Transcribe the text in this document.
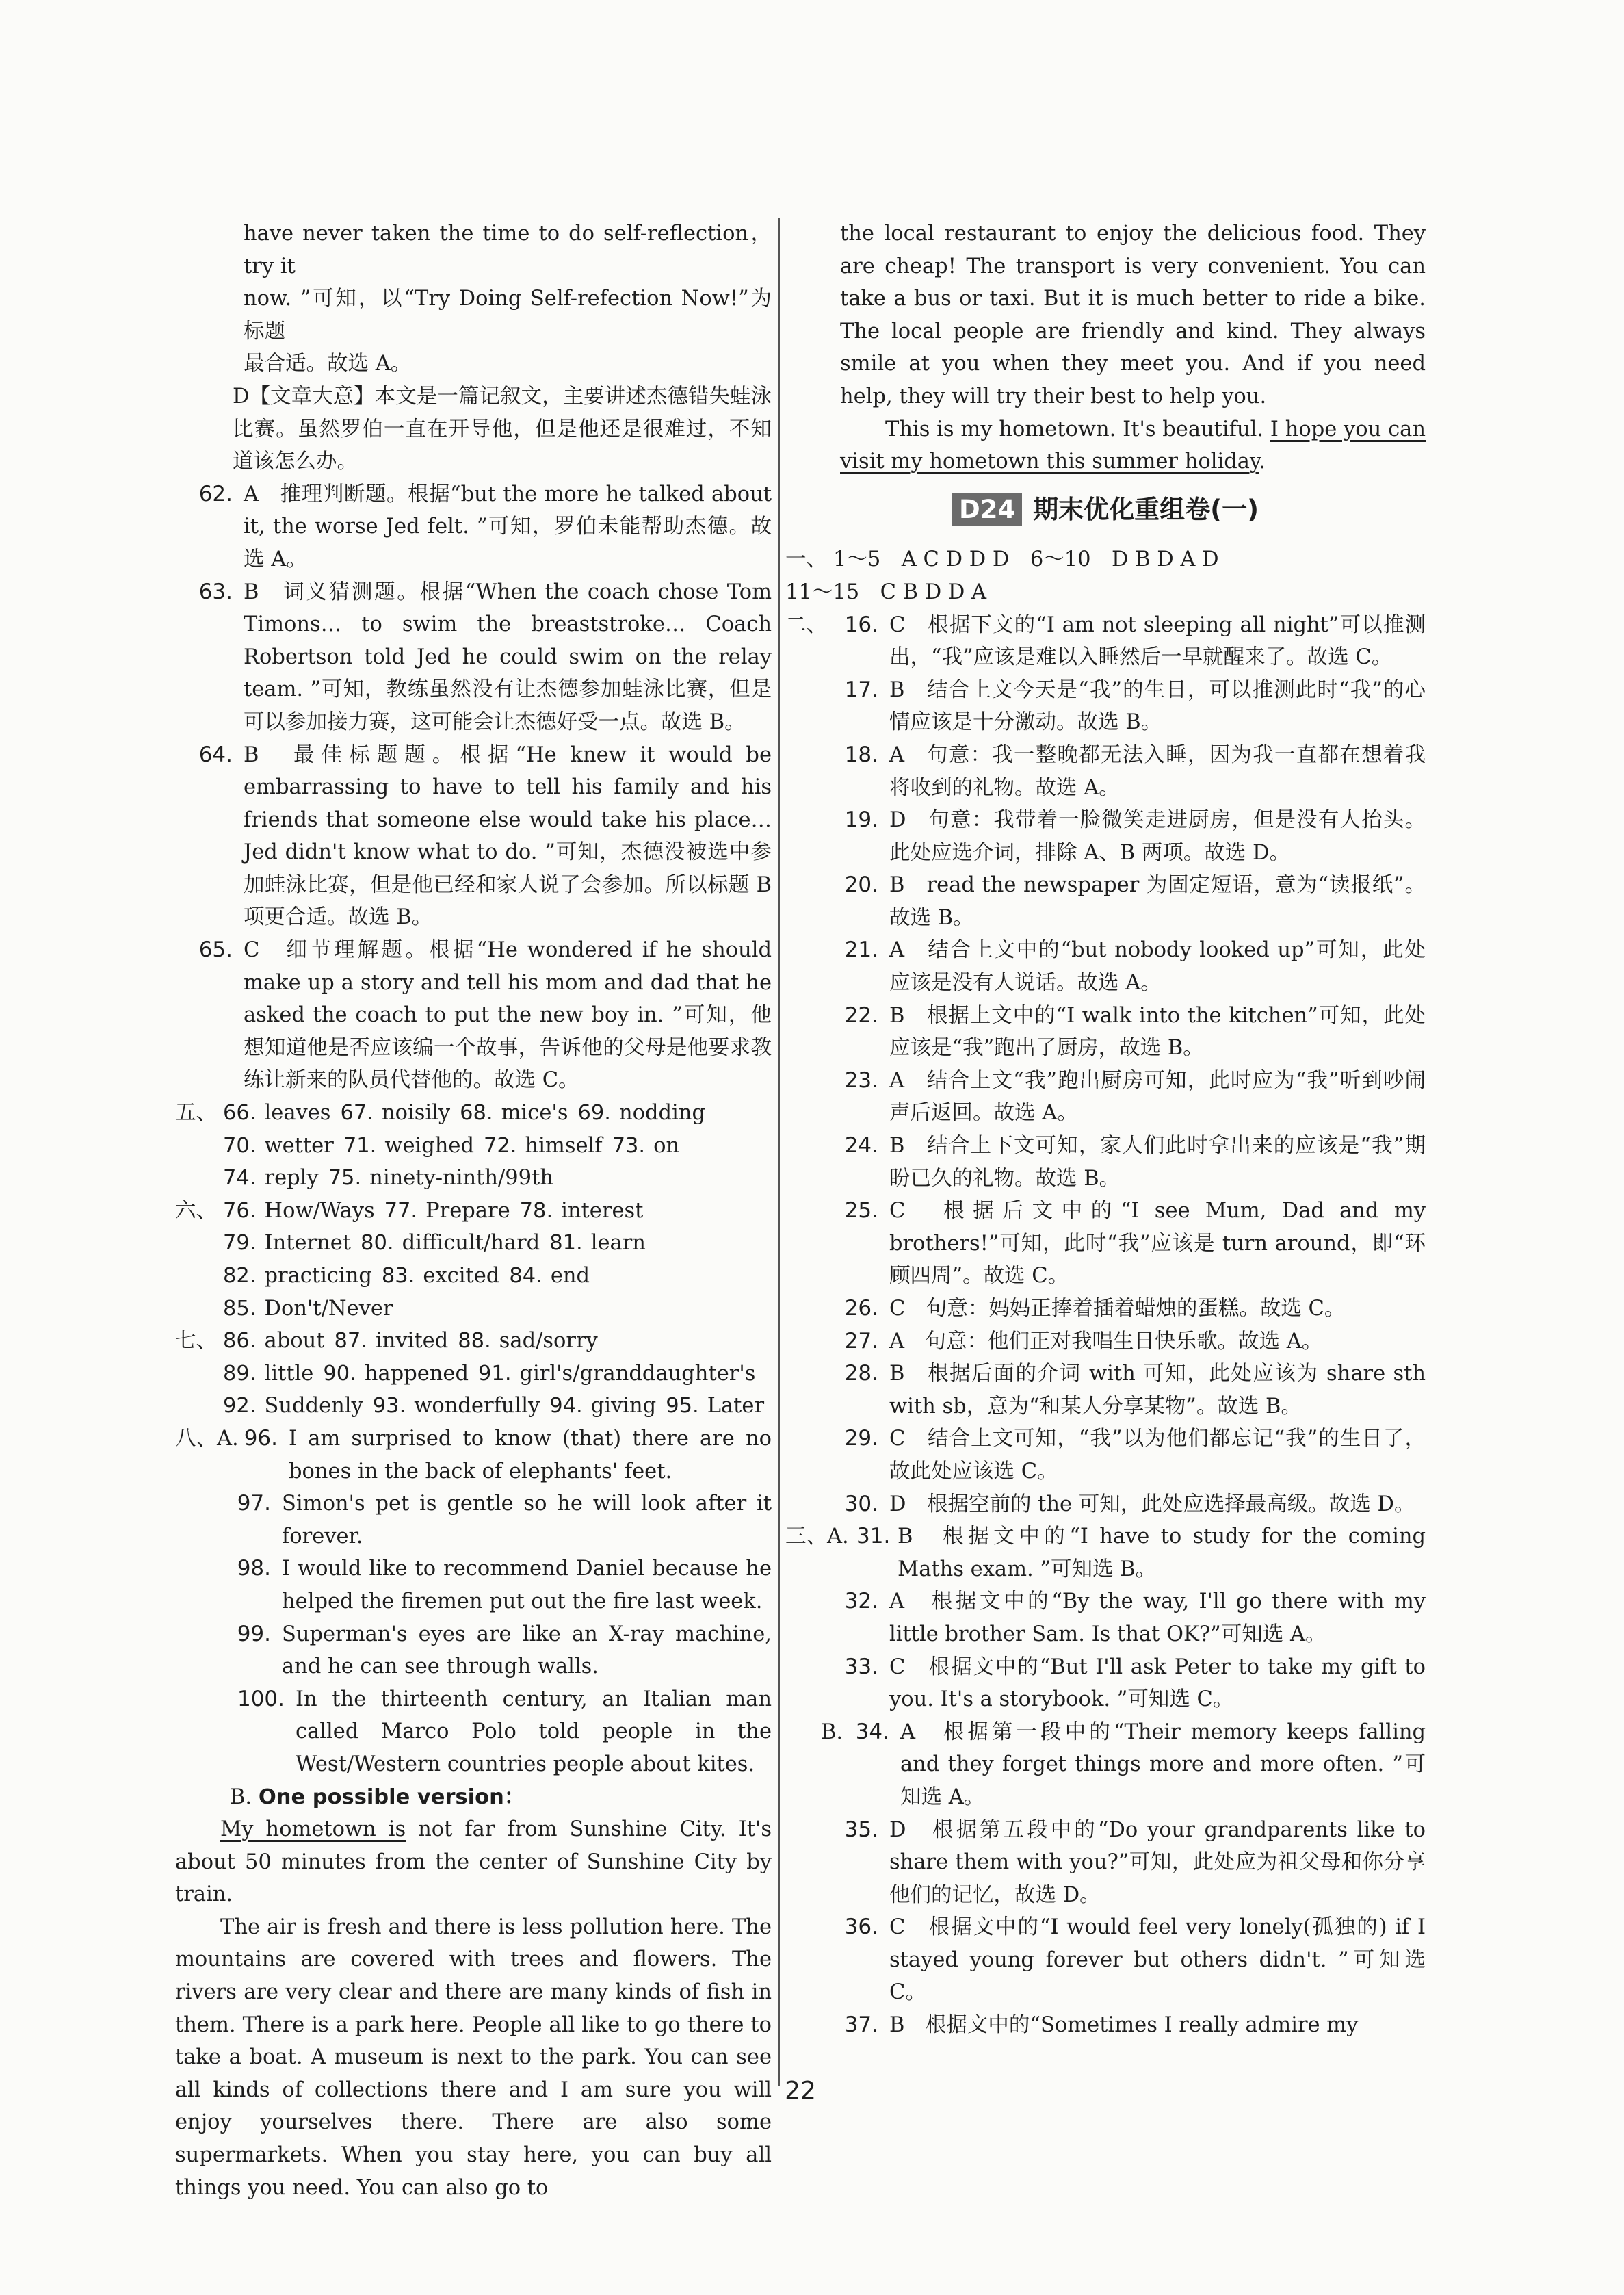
have never taken the time to do self-reflection，try it
now. ”可知，以“Try Doing Self-refection Now!”为标题
最合适。故选 A。
D【文章大意】本文是一篇记叙文，主要讲述杰德错失蛙泳比赛。虽然罗伯一直在开导他，但是他还是很难过，不知道该怎么办。
62. A　推理判断题。根据“but the more he talked about it, the worse Jed felt. ”可知，罗伯未能帮助杰德。故选 A。
63. B　词义猜测题。根据“When the coach chose Tom Timons… to swim the breaststroke… Coach Robertson told Jed he could swim on the relay team. ”可知，教练虽然没有让杰德参加蛙泳比赛，但是可以参加接力赛，这可能会让杰德好受一点。故选 B。
64. B　最佳标题题。根据“He knew it would be embarrassing to have to tell his family and his friends that someone else would take his place… Jed didn't know what to do. ”可知，杰德没被选中参加蛙泳比赛，但是他已经和家人说了会参加。所以标题 B 项更合适。故选 B。
65. C　细节理解题。根据“He wondered if he should make up a story and tell his mom and dad that he asked the coach to put the new boy in. ”可知，他想知道他是否应该编一个故事，告诉他的父母是他要求教练让新来的队员代替他的。故选 C。
五、 66. leaves 67. noisily 68. mice's 69. nodding
70. wetter 71. weighed 72. himself 73. on
74. reply 75. ninety-ninth/99th
六、 76. How/Ways 77. Prepare 78. interest
79. Internet 80. difficult/hard 81. learn
82. practicing 83. excited 84. end
85. Don't/Never
七、 86. about 87. invited 88. sad/sorry
89. little 90. happened 91. girl's/granddaughter's
92. Suddenly 93. wonderfully 94. giving 95. Later
八、A. 96. I am surprised to know (that) there are no bones in the back of elephants' feet.
97. Simon's pet is gentle so he will look after it forever.
98. I would like to recommend Daniel because he helped the firemen put out the fire last week.
99. Superman's eyes are like an X-ray machine, and he can see through walls.
100. In the thirteenth century, an Italian man called Marco Polo told people in the West/Western countries people about kites.
B. One possible version：
My hometown is not far from Sunshine City. It's about 50 minutes from the center of Sunshine City by train.
The air is fresh and there is less pollution here. The mountains are covered with trees and flowers. The rivers are very clear and there are many kinds of fish in them. There is a park here. People all like to go there to take a boat. A museum is next to the park. You can see all kinds of collections there and I am sure you will enjoy yourselves there. There are also some supermarkets. When you stay here, you can buy all things you need. You can also go to
the local restaurant to enjoy the delicious food. They are cheap! The transport is very convenient. You can take a bus or taxi. But it is much better to ride a bike. The local people are friendly and kind. They always smile at you when they meet you. And if you need help, they will try their best to help you.
This is my hometown. It's beautiful. I hope you can visit my hometown this summer holiday.
D24 期末优化重组卷(一)
一、 1～5　A C D D D　6～10　D B D A D
11～15　C B D D A
二、 16. C　根据下文的“I am not sleeping all night”可以推测出，“我”应该是难以入睡然后一早就醒来了。故选 C。
17. B　结合上文今天是“我”的生日，可以推测此时“我”的心情应该是十分激动。故选 B。
18. A　句意：我一整晚都无法入睡，因为我一直都在想着我将收到的礼物。故选 A。
19. D　句意：我带着一脸微笑走进厨房，但是没有人抬头。此处应选介词，排除 A、B 两项。故选 D。
20. B　read the newspaper 为固定短语，意为“读报纸”。故选 B。
21. A　结合上文中的“but nobody looked up”可知，此处应该是没有人说话。故选 A。
22. B　根据上文中的“I walk into the kitchen”可知，此处应该是“我”跑出了厨房，故选 B。
23. A　结合上文“我”跑出厨房可知，此时应为“我”听到吵闹声后返回。故选 A。
24. B　结合上下文可知，家人们此时拿出来的应该是“我”期盼已久的礼物。故选 B。
25. C　根据后文中的“I see Mum, Dad and my brothers!”可知，此时“我”应该是 turn around，即“环顾四周”。故选 C。
26. C　句意：妈妈正捧着插着蜡烛的蛋糕。故选 C。
27. A　句意：他们正对我唱生日快乐歌。故选 A。
28. B　根据后面的介词 with 可知，此处应该为 share sth with sb，意为“和某人分享某物”。故选 B。
29. C　结合上文可知，“我”以为他们都忘记“我”的生日了，故此处应该选 C。
30. D　根据空前的 the 可知，此处应选择最高级。故选 D。
三、A. 31. B　根据文中的“I have to study for the coming Maths exam. ”可知选 B。
32. A　根据文中的“By the way, I'll go there with my little brother Sam. Is that OK?”可知选 A。
33. C　根据文中的“But I'll ask Peter to take my gift to you. It's a storybook. ”可知选 C。
B. 34. A　根据第一段中的“Their memory keeps falling and they forget things more and more often. ”可知选 A。
35. D　根据第五段中的“Do your grandparents like to share them with you?”可知，此处应为祖父母和你分享他们的记忆，故选 D。
36. C　根据文中的“I would feel very lonely(孤独的) if I stayed young forever but others didn't. ”可知选 C。
37. B　根据文中的“Sometimes I really admire my
22
